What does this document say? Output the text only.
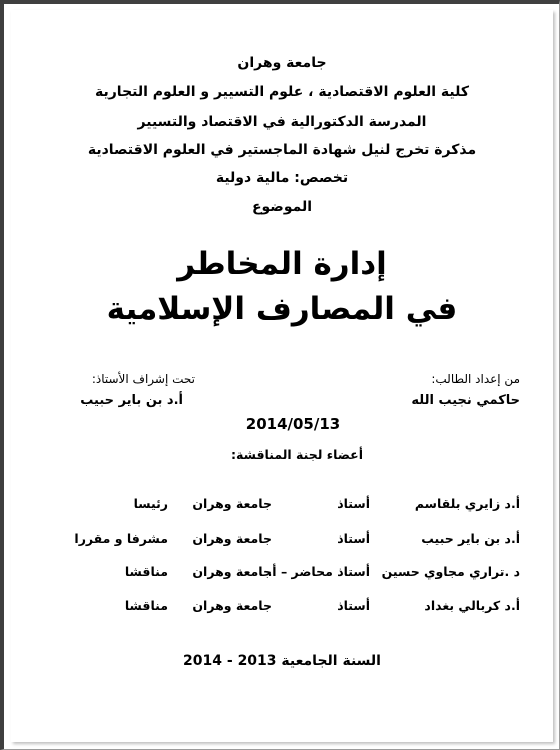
جامعة وهران
كلية العلوم الاقتصادية ، علوم التسيير و العلوم التجارية
المدرسة الدكتورالية في الاقتصاد والتسيير
مذكرة تخرج لنيل شهادة الماجستير في العلوم الاقتصادية
تخصص: مالية دولية
الموضوع
إدارة المخاطر
في المصارف الإسلامية
من إعداد الطالب:
حاكمي نجيب الله
تحت إشراف الأستاذ:
أ.د بن باير حبيب
2014/05/13
أعضاء لجنة المناقشة:
أ.د زايري بلقاسم
أستاذ
جامعة وهران
رئيسا
أ.د بن باير حبيب
أستاذ
جامعة وهران
مشرفا و مقررا
د .تراري مجاوي حسين
أستاذ محاضر – أ.
جامعة وهران
مناقشا
أ.د كربالي بغداد
أستاذ
جامعة وهران
مناقشا
السنة الجامعية 2013 - 2014
